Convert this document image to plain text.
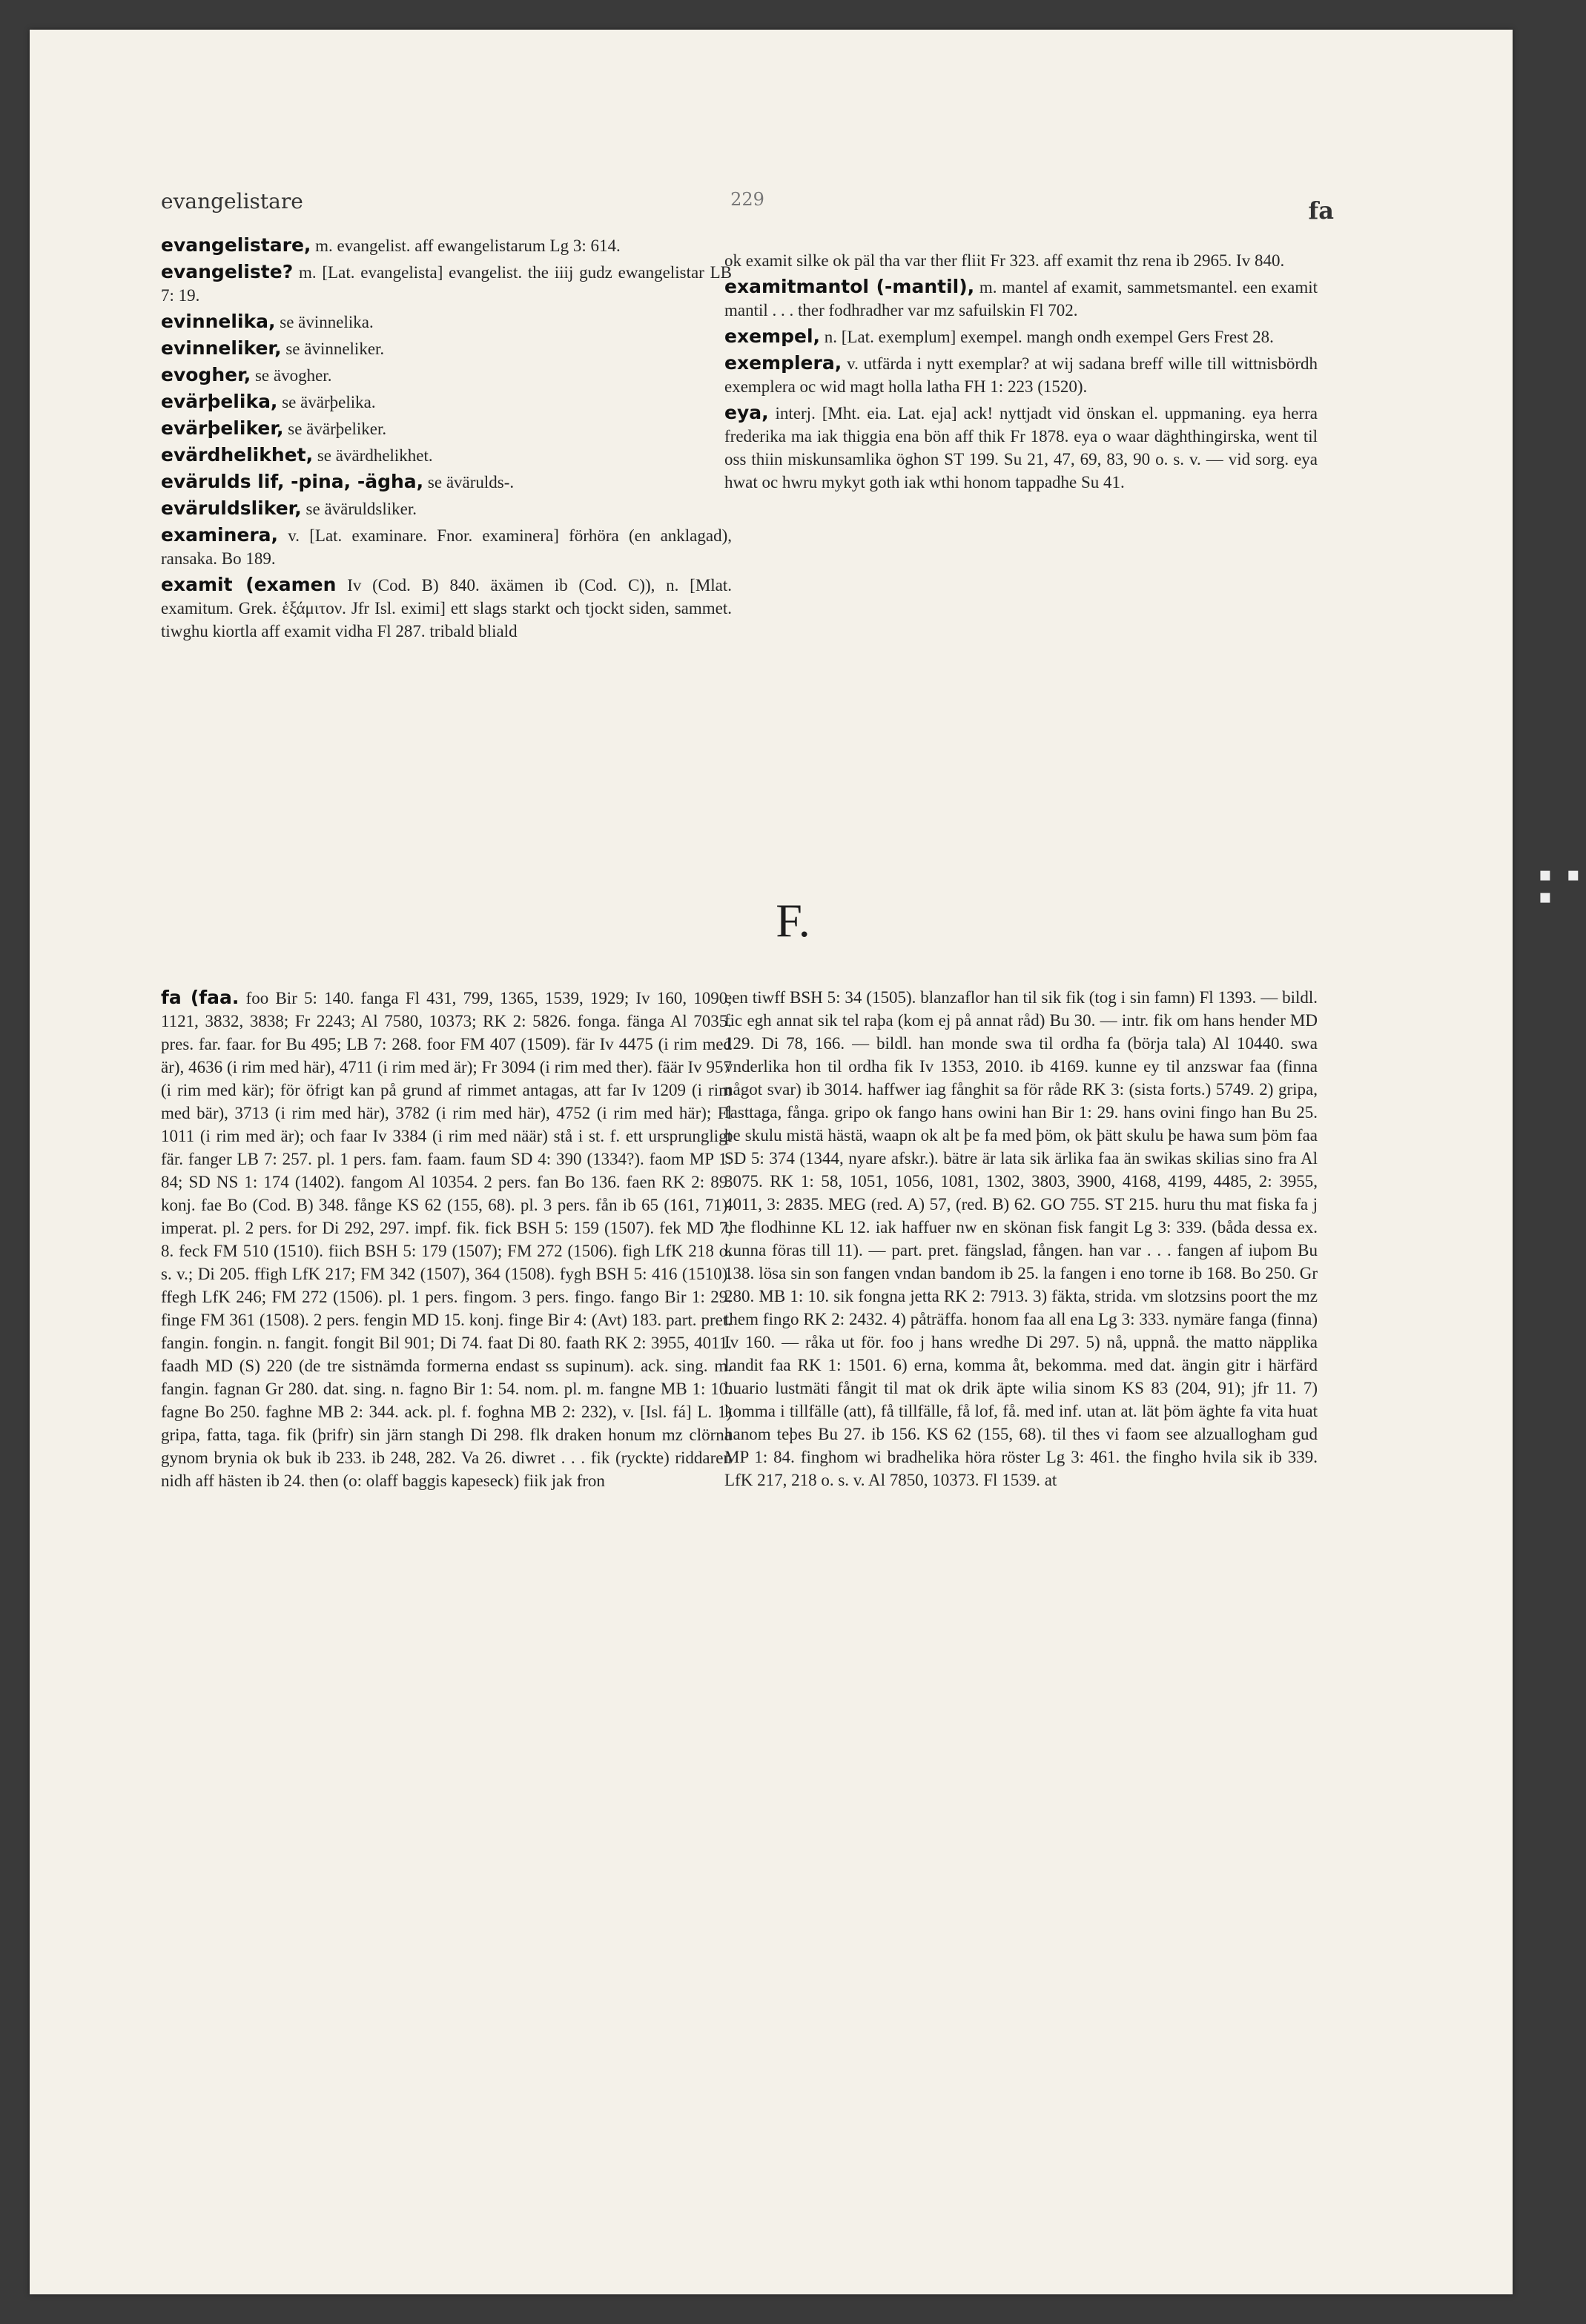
▪ ▪ ▪
evangelistare	229	fa

evangelistare, m. evangelist. aff ewangelistarum Lg 3: 614.

evangeliste? m. [Lat. evangelista] evangelist. the iiij gudz ewangelistar LB 7: 19.

evinnelika, se ävinnelika.

evinneliker, se ävinneliker.

evogher, se ävogher.

evärþelika, se ävärþelika.

evärþeliker, se ävärþeliker.

evärdhelikhet, se ävärdhelikhet.

evärulds lif, -pina, -ägha, se ävärulds-.

eväruldsliker, se äväruldsliker.

examinera, v. [Lat. examinare. Fnor. examinera] förhöra (en anklagad), ransaka. Bo 189.

examit (examen Iv (Cod. B) 840. äxämen ib (Cod. C)), n. [Mlat. examitum. Grek. ἑξάμιτον. Jfr Isl. eximi] ett slags starkt och tjockt siden, sammet. tiwghu kiortla aff examit vidha Fl 287. tribald bliald

ok examit silke ok päl tha var ther fliit Fr 323. aff examit thz rena ib 2965. Iv 840.

examitmantol (-mantil), m. mantel af examit, sammetsmantel. een examit mantil . . . ther fodhradher var mz safuilskin Fl 702.

exempel, n. [Lat. exemplum] exempel. mangh ondh exempel Gers Frest 28.

exemplera, v. utfärda i nytt exemplar? at wij sadana breff wille till wittnisbördh exemplera oc wid magt holla latha FH 1: 223 (1520).

eya, interj. [Mht. eia. Lat. eja] ack! nyttjadt vid önskan el. uppmaning. eya herra frederika ma iak thiggia ena bön aff thik Fr 1878. eya o waar däghthingirska, went til oss thiin miskunsamlika öghon ST 199. Su 21, 47, 69, 83, 90 o. s. v. — vid sorg. eya hwat oc hwru mykyt goth iak wthi honom tappadhe Su 41.

F.

fa (faa. foo Bir 5: 140. fanga Fl 431, 799, 1365, 1539, 1929; Iv 160, 1090, 1121, 3832, 3838; Fr 2243; Al 7580, 10373; RK 2: 5826. fonga. fänga Al 7035. pres. far. faar. for Bu 495; LB 7: 268. foor FM 407 (1509). fär Iv 4475 (i rim med är), 4636 (i rim med här), 4711 (i rim med är); Fr 3094 (i rim med ther). fäär Iv 957 (i rim med kär); för öfrigt kan på grund af rimmet antagas, att far Iv 1209 (i rim med bär), 3713 (i rim med här), 3782 (i rim med här), 4752 (i rim med här); Fl 1011 (i rim med är); och faar Iv 3384 (i rim med näär) stå i st. f. ett ursprungligt fär. fanger LB 7: 257. pl. 1 pers. fam. faam. faum SD 4: 390 (1334?). faom MP 1: 84; SD NS 1: 174 (1402). fangom Al 10354. 2 pers. fan Bo 136. faen RK 2: 89. konj. fae Bo (Cod. B) 348. fånge KS 62 (155, 68). pl. 3 pers. fån ib 65 (161, 71). imperat. pl. 2 pers. for Di 292, 297. impf. fik. fick BSH 5: 159 (1507). fek MD 7, 8. feck FM 510 (1510). fiich BSH 5: 179 (1507); FM 272 (1506). figh LfK 218 o. s. v.; Di 205. ffigh LfK 217; FM 342 (1507), 364 (1508). fygh BSH 5: 416 (1510). ffegh LfK 246; FM 272 (1506). pl. 1 pers. fingom. 3 pers. fingo. fango Bir 1: 29. finge FM 361 (1508). 2 pers. fengin MD 15. konj. finge Bir 4: (Avt) 183. part. pret. fangin. fongin. n. fangit. fongit Bil 901; Di 74. faat Di 80. faath RK 2: 3955, 4011. faadh MD (S) 220 (de tre sistnämda formerna endast ss supinum). ack. sing. m. fangin. fagnan Gr 280. dat. sing. n. fagno Bir 1: 54. nom. pl. m. fangne MB 1: 10. fagne Bo 250. faghne MB 2: 344. ack. pl. f. foghna MB 2: 232), v. [Isl. fá] L. 1) gripa, fatta, taga. fik (þrifr) sin järn stangh Di 298. flk draken honum mz clörna gynom brynia ok buk ib 233. ib 248, 282. Va 26. diwret . . . fik (ryckte) riddaren nidh aff hästen ib 24. then (o: olaff baggis kapeseck) fiik jak fron

een tiwff BSH 5: 34 (1505). blanzaflor han til sik fik (tog i sin famn) Fl 1393. — bildl. fic egh annat sik tel raþa (kom ej på annat råd) Bu 30. — intr. fik om hans hender MD 129. Di 78, 166. — bildl. han monde swa til ordha fa (börja tala) Al 10440. swa vnderlika hon til ordha fik Iv 1353, 2010. ib 4169. kunne ey til anzswar faa (finna något svar) ib 3014. haffwer iag fånghit sa för råde RK 3: (sista forts.) 5749. 2) gripa, fasttaga, fånga. gripo ok fango hans owini han Bir 1: 29. hans ovini fingo han Bu 25. þe skulu mistä hästä, waapn ok alt þe fa med þöm, ok þätt skulu þe hawa sum þöm faa SD 5: 374 (1344, nyare afskr.). bätre är lata sik ärlika faa än swikas skilias sino fra Al 3075. RK 1: 58, 1051, 1056, 1081, 1302, 3803, 3900, 4168, 4199, 4485, 2: 3955, 4011, 3: 2835. MEG (red. A) 57, (red. B) 62. GO 755. ST 215. huru thu mat fiska fa j the flodhinne KL 12. iak haffuer nw en skönan fisk fangit Lg 3: 339. (båda dessa ex. kunna föras till 11). — part. pret. fängslad, fången. han var . . . fangen af iuþom Bu 138. lösa sin son fangen vndan bandom ib 25. la fangen i eno torne ib 168. Bo 250. Gr 280. MB 1: 10. sik fongna jetta RK 2: 7913. 3) fäkta, strida. vm slotzsins poort the mz them fingo RK 2: 2432. 4) påträffa. honom faa all ena Lg 3: 333. nymäre fanga (finna) Iv 160. — råka ut för. foo j hans wredhe Di 297. 5) nå, uppnå. the matto näpplika landit faa RK 1: 1501. 6) erna, komma åt, bekomma. med dat. ängin gitr i härfärd huario lustmäti fångit til mat ok drik äpte wilia sinom KS 83 (204, 91); jfr 11. 7) komma i tillfälle (att), få tillfälle, få lof, få. med inf. utan at. lät þöm äghte fa vita huat hanom teþes Bu 27. ib 156. KS 62 (155, 68). til thes vi faom see alzuallogham gud MP 1: 84. finghom wi bradhelika höra röster Lg 3: 461. the fingho hvila sik ib 339. LfK 217, 218 o. s. v. Al 7850, 10373. Fl 1539. at
